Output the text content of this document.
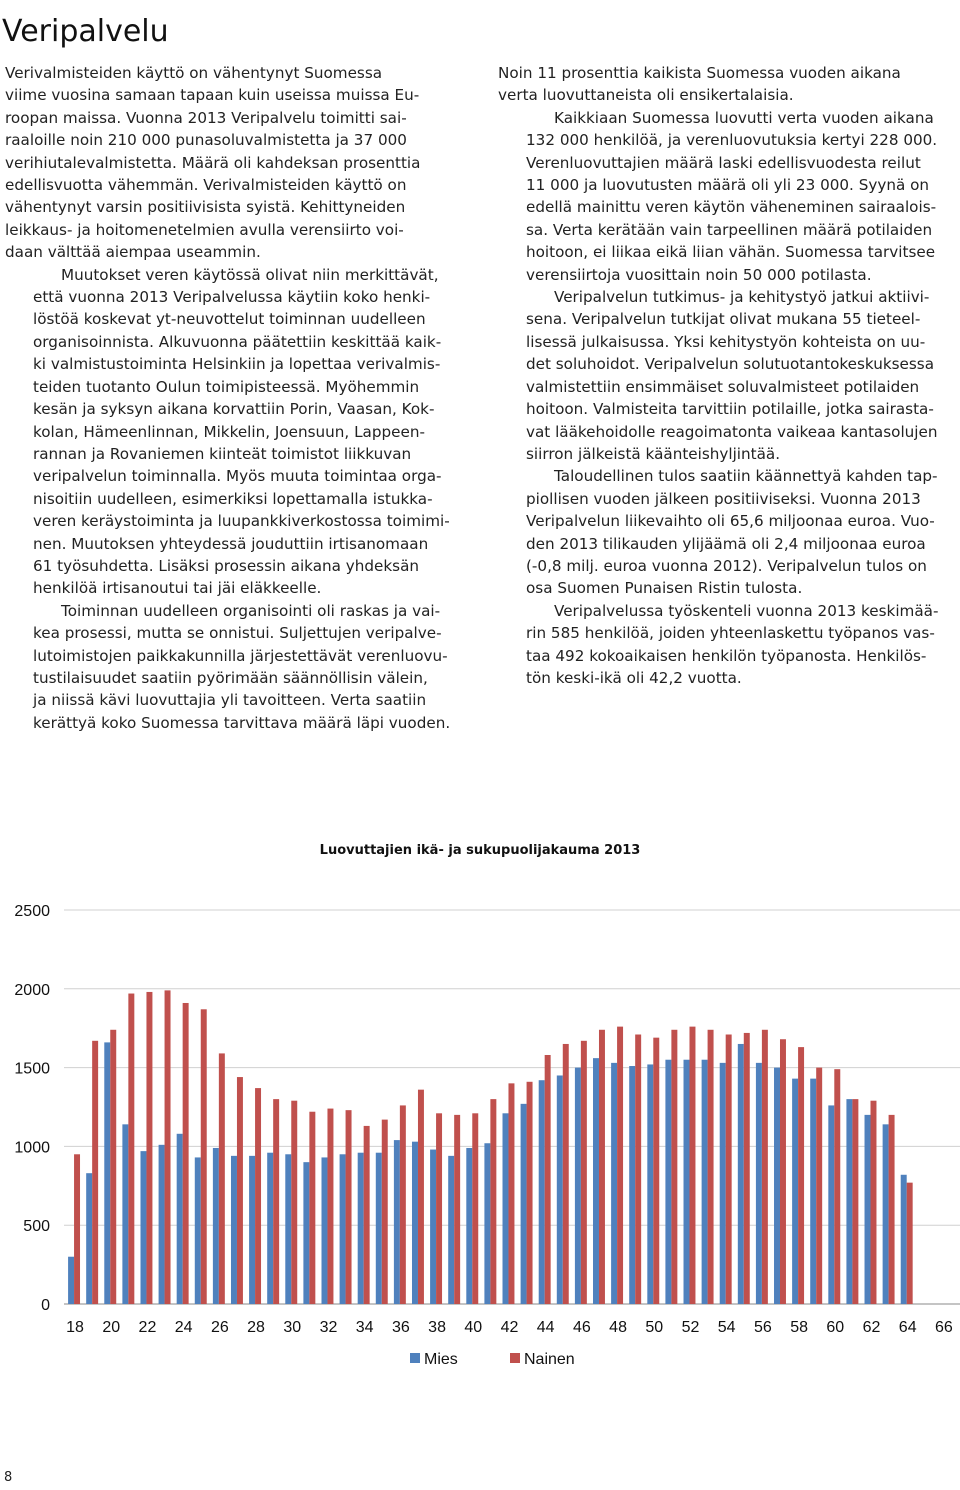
Veripalvelu

Verivalmisteiden käyttö on vähentynyt Suomessa
viime vuosina samaan tapaan kuin useissa muissa Eu-
roopan maissa. Vuonna 2013 Veripalvelu toimitti sai-
raaloille noin 210 000 punasoluvalmistetta ja 37 000
verihiutalevalmistetta. Määrä oli kahdeksan prosenttia
edellisvuotta vähemmän. Verivalmisteiden käyttö on
vähentynyt varsin positiivisista syistä. Kehittyneiden
leikkaus- ja hoitomenetelmien avulla verensiirto voi-
daan välttää aiempaa useammin.

Muutokset veren käytössä olivat niin merkittävät,
että vuonna 2013 Veripalvelussa käytiin koko henki-
löstöä koskevat yt-neuvottelut toiminnan uudelleen
organisoinnista. Alkuvuonna päätettiin keskittää kaik-
ki valmistustoiminta Helsinkiin ja lopettaa verivalmis-
teiden tuotanto Oulun toimipisteessä. Myöhemmin
kesän ja syksyn aikana korvattiin Porin, Vaasan, Kok-
kolan, Hämeenlinnan, Mikkelin, Joensuun, Lappeen-
rannan ja Rovaniemen kiinteät toimistot liikkuvan
veripalvelun toiminnalla. Myös muuta toimintaa orga-
nisoitiin uudelleen, esimerkiksi lopettamalla istukka-
veren keräystoiminta ja luupankkiverkostossa toimimi-
nen. Muutoksen yhteydessä jouduttiin irtisanomaan
61 työsuhdetta. Lisäksi prosessin aikana yhdeksän
henkilöä irtisanoutui tai jäi eläkkeelle.

Toiminnan uudelleen organisointi oli raskas ja vai-
kea prosessi, mutta se onnistui. Suljettujen veripalve-
lutoimistojen paikkakunnilla järjestettävät verenluovu-
tustilaisuudet saatiin pyörimään säännöllisin välein,
ja niissä kävi luovuttajia yli tavoitteen. Verta saatiin
kerättyä koko Suomessa tarvittava määrä läpi vuoden.

Noin 11 prosenttia kaikista Suomessa vuoden aikana
verta luovuttaneista oli ensikertalaisia.

Kaikkiaan Suomessa luovutti verta vuoden aikana
132 000 henkilöä, ja verenluovutuksia kertyi 228 000.
Verenluovuttajien määrä laski edellisvuodesta reilut
11 000 ja luovutusten määrä oli yli 23 000. Syynä on
edellä mainittu veren käytön väheneminen sairaalois-
sa. Verta kerätään vain tarpeellinen määrä potilaiden
hoitoon, ei liikaa eikä liian vähän. Suomessa tarvitsee
verensiirtoja vuosittain noin 50 000 potilasta.

Veripalvelun tutkimus- ja kehitystyö jatkui aktiivi-
sena. Veripalvelun tutkijat olivat mukana 55 tieteel-
lisessä julkaisussa. Yksi kehitystyön kohteista on uu-
det soluhoidot. Veripalvelun solutuotantokeskuksessa
valmistettiin ensimmäiset soluvalmisteet potilaiden
hoitoon. Valmisteita tarvittiin potilaille, jotka sairasta-
vat lääkehoidolle reagoimatonta vaikeaa kantasolujen
siirron jälkeistä käänteishyljintää.

Taloudellinen tulos saatiin käännettyä kahden tap-
piollisen vuoden jälkeen positiiviseksi. Vuonna 2013
Veripalvelun liikevaihto oli 65,6 miljoonaa euroa. Vuo-
den 2013 tilikauden ylijäämä oli 2,4 miljoonaa euroa
(-0,8 milj. euroa vuonna 2012). Veripalvelun tulos on
osa Suomen Punaisen Ristin tulosta.

Veripalvelussa työskenteli vuonna 2013 keskimää-
rin 585 henkilöä, joiden yhteenlaskettu työpanos vas-
taa 492 kokoaikaisen henkilön työpanosta. Henkilös-
tön keski-ikä oli 42,2 vuotta.

Luovuttajien ikä- ja sukupuolijakauma 2013
0
500
1000
1500
2000
2500
18 20 22 24 26 28 30 32 34 36 38 40 42 44 46 48 50 52 54 56 58 60 62 64 66
Mies	Nainen
8
